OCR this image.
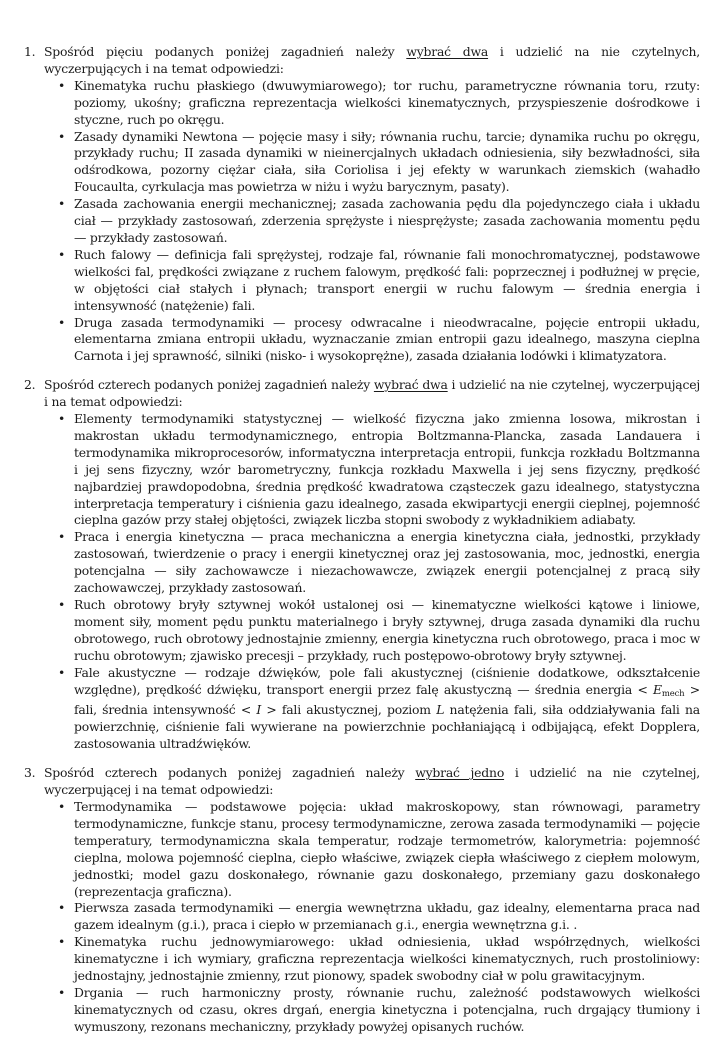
1. Spośród pięciu podanych poniżej zagadnień należy wybrać dwa i udzielić na nie czytelnych, wyczerpujących i na temat odpowiedzi:

• Kinematyka ruchu płaskiego (dwuwymiarowego); tor ruchu, parametryczne równania toru, rzuty: poziomy, ukośny; graficzna reprezentacja wielkości kinematycznych, przyspieszenie dośrodkowe i styczne, ruch po okręgu.
• Zasady dynamiki Newtona — pojęcie masy i siły; równania ruchu, tarcie; dynamika ruchu po okręgu, przykłady ruchu; II zasada dynamiki w nieinercjalnych układach odniesienia, siły bezwładności, siła odśrodkowa, pozorny ciężar ciała, siła Coriolisa i jej efekty w warunkach ziemskich (wahadło Foucaulta, cyrkulacja mas powietrza w niżu i wyżu barycznym, pasaty).
• Zasada zachowania energii mechanicznej; zasada zachowania pędu dla pojedynczego ciała i układu ciał — przykłady zastosowań, zderzenia sprężyste i niesprężyste; zasada zachowania momentu pędu — przykłady zastosowań.
• Ruch falowy — definicja fali sprężystej, rodzaje fal, równanie fali monochromatycznej, podstawowe wielkości fal, prędkości związane z ruchem falowym, prędkość fali: poprzecznej i podłużnej w pręcie, w objętości ciał stałych i płynach; transport energii w ruchu falowym — średnia energia i intensywność (natężenie) fali.
• Druga zasada termodynamiki — procesy odwracalne i nieodwracalne, pojęcie entropii układu, elementarna zmiana entropii układu, wyznaczanie zmian entropii gazu idealnego, maszyna cieplna Carnota i jej sprawność, silniki (nisko- i wysokoprężne), zasada działania lodówki i klimatyzatora.
2. Spośród czterech podanych poniżej zagadnień należy wybrać dwa i udzielić na nie czytelnej, wyczerpującej i na temat odpowiedzi:

• Elementy termodynamiki statystycznej — wielkość fizyczna jako zmienna losowa, mikrostan i makrostan układu termodynamicznego, entropia Boltzmanna-Plancka, zasada Landauera i termodynamika mikroprocesorów, informatyczna interpretacja entropii, funkcja rozkładu Boltzmanna i jej sens fizyczny, wzór barometryczny, funkcja rozkładu Maxwella i jej sens fizyczny, prędkość najbardziej prawdopodobna, średnia prędkość kwadratowa cząsteczek gazu idealnego, statystyczna interpretacja temperatury i ciśnienia gazu idealnego, zasada ekwipartycji energii cieplnej, pojemność cieplna gazów przy stałej objętości, związek liczba stopni swobody z wykładnikiem adiabaty.
• Praca i energia kinetyczna — praca mechaniczna a energia kinetyczna ciała, jednostki, przykłady zastosowań, twierdzenie o pracy i energii kinetycznej oraz jej zastosowania, moc, jednostki, energia potencjalna — siły zachowawcze i niezachowawcze, związek energii potencjalnej z pracą siły zachowawczej, przykłady zastosowań.
• Ruch obrotowy bryły sztywnej wokół ustalonej osi — kinematyczne wielkości kątowe i liniowe, moment siły, moment pędu punktu materialnego i bryły sztywnej, druga zasada dynamiki dla ruchu obrotowego, ruch obrotowy jednostajnie zmienny, energia kinetyczna ruch obrotowego, praca i moc w ruchu obrotowym; zjawisko precesji – przykłady, ruch postępowo-obrotowy bryły sztywnej.
• Fale akustyczne — rodzaje dźwięków, pole fali akustycznej (ciśnienie dodatkowe, odkształcenie względne), prędkość dźwięku, transport energii przez falę akustyczną — średnia energia < $E_{mech}$ > fali, średnia intensywność < I > fali akustycznej, poziom L natężenia fali, siła oddziaływania fali na powierzchnię, ciśnienie fali wywierane na powierzchnie pochłaniającą i odbijającą, efekt Dopplera, zastosowania ultradźwięków.
3. Spośród czterech podanych poniżej zagadnień należy wybrać jedno i udzielić na nie czytelnej, wyczerpującej i na temat odpowiedzi:

• Termodynamika — podstawowe pojęcia: układ makroskopowy, stan równowagi, parametry termodynamiczne, funkcje stanu, procesy termodynamiczne, zerowa zasada termodynamiki — pojęcie temperatury, termodynamiczna skala temperatur, rodzaje termometrów, kalorymetria: pojemność cieplna, molowa pojemność cieplna, ciepło właściwe, związek ciepła właściwego z ciepłem molowym, jednostki; model gazu doskonałego, równanie gazu doskonałego, przemiany gazu doskonałego (reprezentacja graficzna).
• Pierwsza zasada termodynamiki — energia wewnętrzna układu, gaz idealny, elementarna praca nad gazem idealnym (g.i.), praca i ciepło w przemianach g.i., energia wewnętrzna g.i. .
• Kinematyka ruchu jednowymiarowego: układ odniesienia, układ współrzędnych, wielkości kinematyczne i ich wymiary, graficzna reprezentacja wielkości kinematycznych, ruch prostoliniowy: jednostajny, jednostajnie zmienny, rzut pionowy, spadek swobodny ciał w polu grawitacyjnym.
• Drgania — ruch harmoniczny prosty, równanie ruchu, zależność podstawowych wielkości kinematycznych od czasu, okres drgań, energia kinetyczna i potencjalna, ruch drgający tłumiony i wymuszony, rezonans mechaniczny, przykłady powyżej opisanych ruchów.
